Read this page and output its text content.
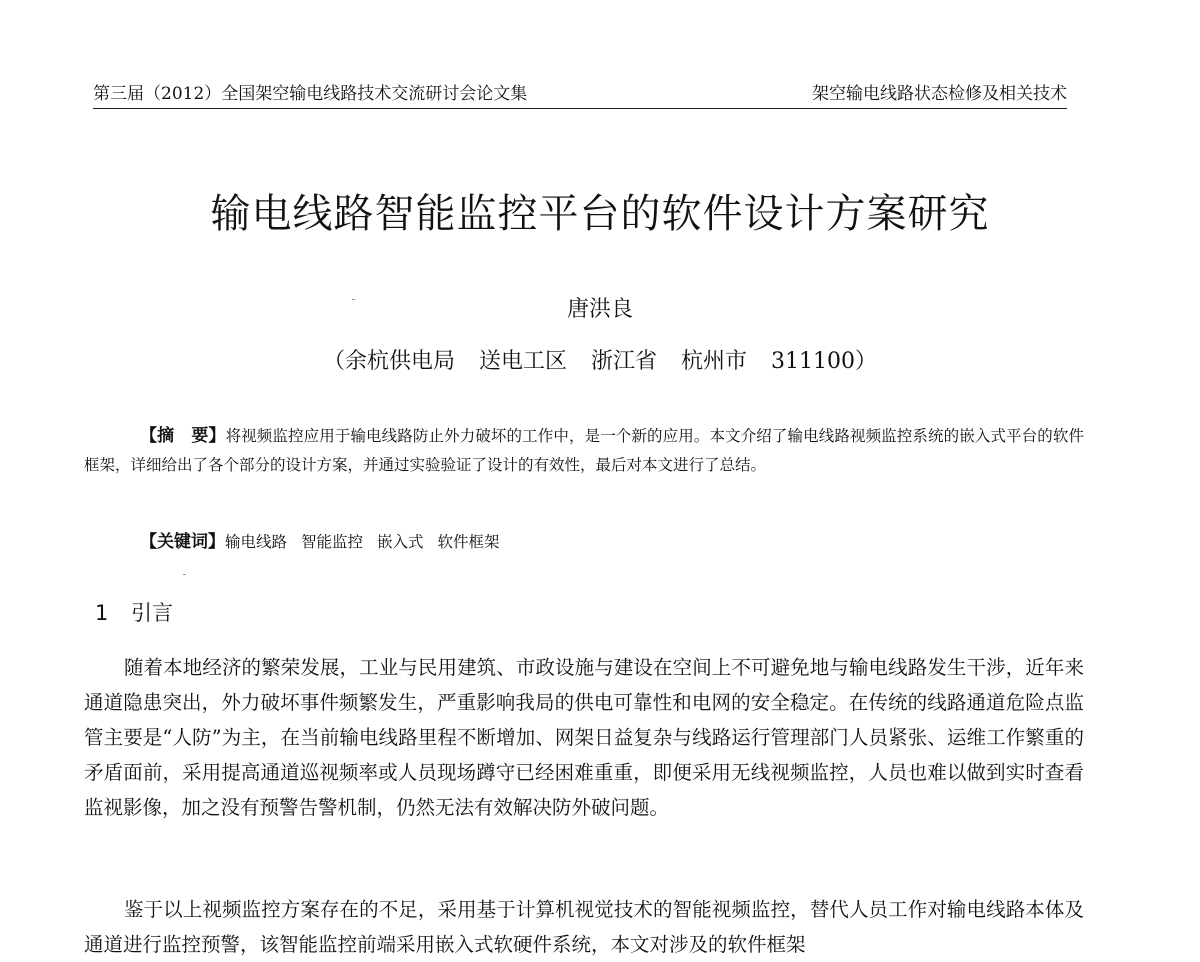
第三届（2012）全国架空输电线路技术交流研讨会论文集	架空输电线路状态检修及相关技术
输电线路智能监控平台的软件设计方案研究
唐洪良
（余杭供电局 送电工区 浙江省 杭州市 311100）
【摘　要】将视频监控应用于输电线路防止外力破坏的工作中，是一个新的应用。本文介绍了输电线路视频监控系统的嵌入式平台的软件框架，详细给出了各个部分的设计方案，并通过实验验证了设计的有效性，最后对本文进行了总结。
【关键词】输电线路 智能监控 嵌入式 软件框架
1 引言
随着本地经济的繁荣发展，工业与民用建筑、市政设施与建设在空间上不可避免地与输电线路发生干涉，近年来通道隐患突出，外力破坏事件频繁发生，严重影响我局的供电可靠性和电网的安全稳定。在传统的线路通道危险点监管主要是“人防”为主，在当前输电线路里程不断增加、网架日益复杂与线路运行管理部门人员紧张、运维工作繁重的矛盾面前，采用提高通道巡视频率或人员现场蹲守已经困难重重，即便采用无线视频监控，人员也难以做到实时查看监视影像，加之没有预警告警机制，仍然无法有效解决防外破问题。
鉴于以上视频监控方案存在的不足，采用基于计算机视觉技术的智能视频监控，替代人员工作对输电线路本体及通道进行监控预警，该智能监控前端采用嵌入式软硬件系统，本文对涉及的软件框架
